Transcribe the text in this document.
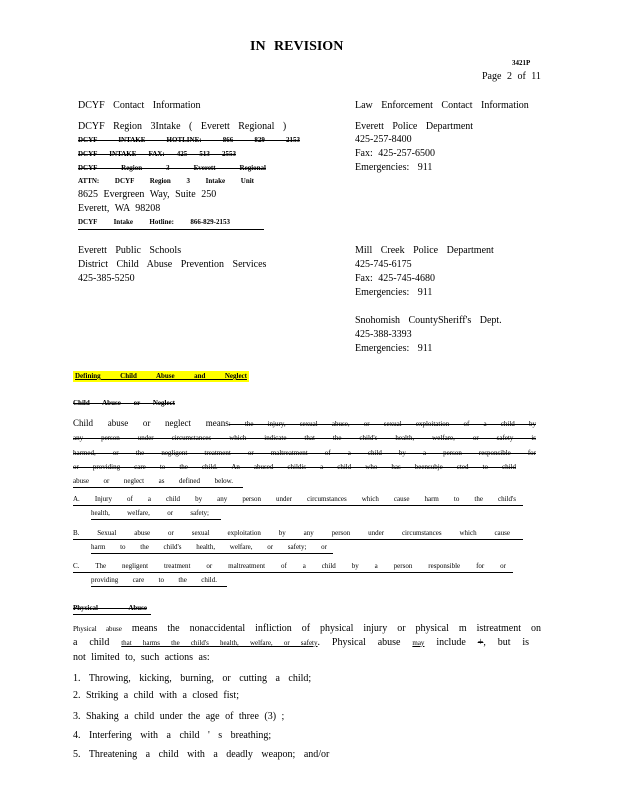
IN REVISION
3421P
Page 2 of 11
DCYF Contact Information
DCYF Region 3Intake ( Everett Regional )
DCYF INTAKE HOTLINE: 866 829 2153
DCYF INTAKE FAX: 425 513 2553
DCYF Region 3 Everett Regional
ATTN: DCYF Region 3 Intake Unit
8625 Evergreen Way, Suite 250
Everett, WA 98208
DCYF Intake Hotline: 866-829-2153
Law Enforcement Contact Information
Everett Police Department
425-257-8400
Fax: 425-257-6500
Emergencies: 911
Everett Public Schools
District Child Abuse Prevention Services
425-385-5250
Mill Creek Police Department
425-745-6175
Fax: 425-745-4680
Emergencies: 911
Snohomish CountySheriff's Dept.
425-388-3393
Emergencies: 911
Defining Child Abuse and Neglect
Child Abuse or Neglect
Child abuse or neglect means: the injury, sexual abuse, or sexual exploitation of a child by
any person under circumstances which indicate that the child's health, welfare, or safety is
harmed, or the negligent treatment or maltreatment of a child by a person responsible for
or providing care to the child. An abused childis a child who has beensubje cted to child
abuse or neglect as defined below.
A. Injury of a child by any person under circumstances which cause harm to the child's
health, welfare, or safety;
B. Sexual abuse or sexual exploitation by any person under circumstances which cause
harm to the child's health, welfare, or safety; or
C. The negligent treatment or maltreatment of a child by a person responsible for or
providing care to the child.
Physical Abuse
Physical abuse means the nonaccidental infliction of physical injury or physical m istreatment on
a child that harms the child's health, welfare, or safety. Physical abuse may include +, but is
not limited to, such actions as:
1. Throwing, kicking, burning, or cutting a child;
2. Striking a child with a closed fist;
3. Shaking a child under the age of three (3) ;
4. Interfering with a child ' s breathing;
5. Threatening a child with a deadly weapon; and/or
